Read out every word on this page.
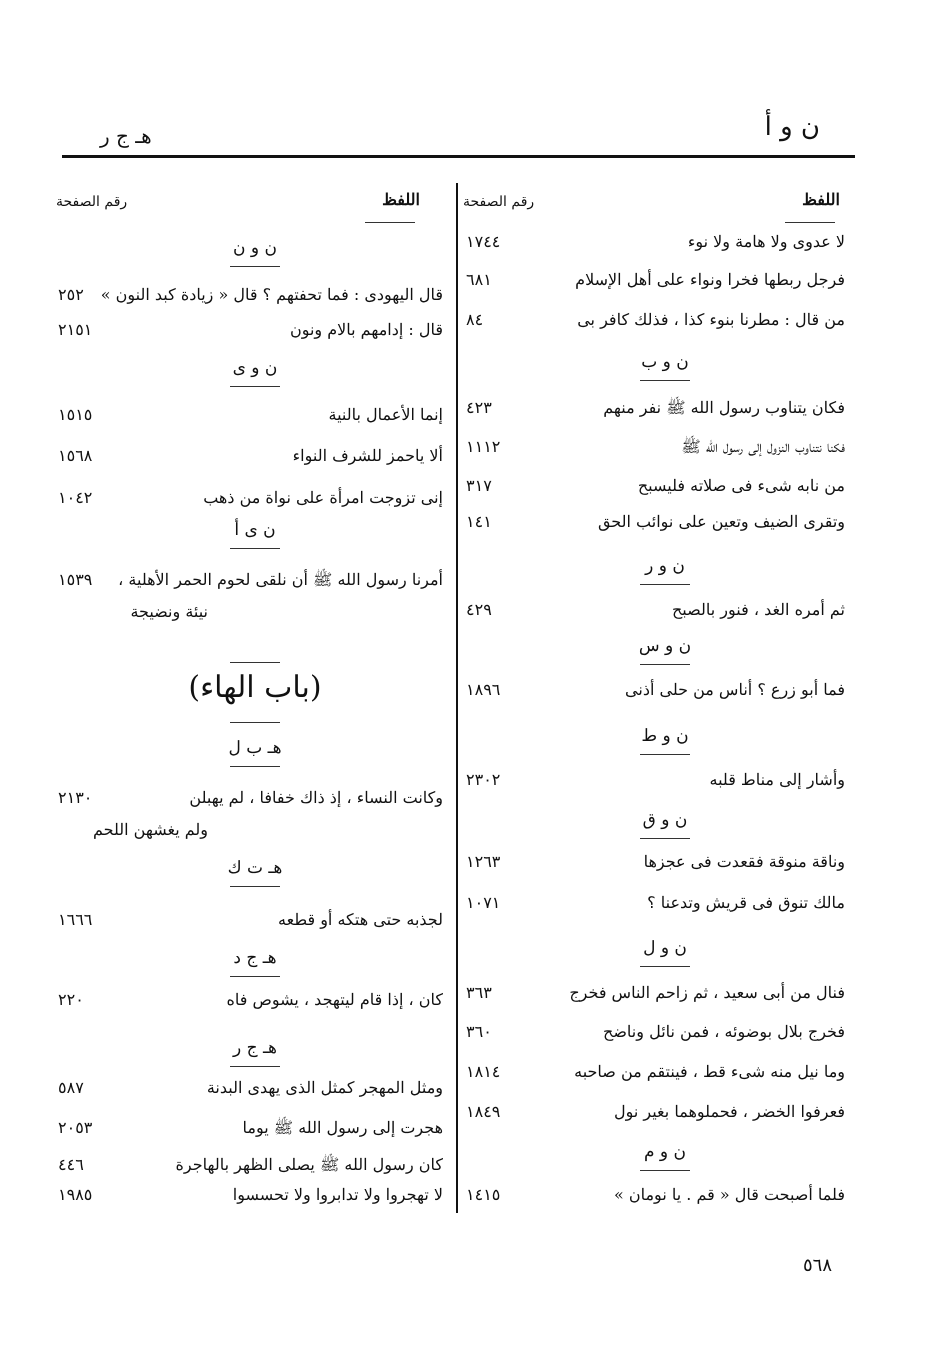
ن و أ
هـ ج ر
اللفظ
رقم الصفحة
اللفظ
رقم الصفحة
لا عدوى ولا هامة ولا نوء
١٧٤٤
فرجل ربطها فخرا ونواء على أهل الإسلام
٦٨١
من قال : مطرنا بنوء كذا ، فذلك كافر بى
٨٤
ن و ب
فكان يتناوب رسول الله ﷺ نفر منهم
٤٢٣
فكنا نتناوب النزول إلى رسول الله ﷺ
١١١٢
من نابه شىء فى صلاته فليسبح
٣١٧
وتقرى الضيف وتعين على نوائب الحق
١٤١
ن و ر
ثم أمره الغد ، فنور بالصبح
٤٢٩
ن و س
فما أبو زرع ؟ أناس من حلى أذنى
١٨٩٦
ن و ط
وأشار إلى مناط قلبه
٢٣٠٢
ن و ق
وناقة منوقة فقعدت فى عجزها
١٢٦٣
مالك تنوق فى قريش وتدعنا ؟
١٠٧١
ن و ل
فنال من أبى سعيد ، ثم زاحم الناس فخرج
٣٦٣
فخرج بلال بوضوئه ، فمن نائل وناضح
٣٦٠
وما نيل منه شىء قط ، فينتقم من صاحبه
١٨١٤
فعرفوا الخضر ، فحملوهما بغير نول
١٨٤٩
ن و م
فلما أصبحت قال « قم . يا نومان »
١٤١٥
ن و ن
قال اليهودى : فما تحفتهم ؟ قال « زيادة كبد النون »
٢٥٢
قال : إدامهم بالام ونون
٢١٥١
ن و ى
إنما الأعمال بالنية
١٥١٥
ألا ياحمز للشرف النواء
١٥٦٨
إنى تزوجت امرأة على نواة من ذهب
١٠٤٢
ن ى أ
أمرنا رسول الله ﷺ أن نلقى لحوم الحمر الأهلية ،
١٥٣٩
نيئة ونضيجة
(باب الهاء)
هـ ب ل
وكانت النساء ، إذ ذاك خفافا ، لم يهبلن
٢١٣٠
ولم يغشهن اللحم
هـ ت ك
لجذبه حتى هتكه أو قطعه
١٦٦٦
هـ ج د
كان ، إذا قام ليتهجد ، يشوص فاه
٢٢٠
هـ ج ر
ومثل المهجر كمثل الذى يهدى البدنة
٥٨٧
هجرت إلى رسول الله ﷺ يوما
٢٠٥٣
كان رسول الله ﷺ يصلى الظهر بالهاجرة
٤٤٦
لا تهجروا ولا تدابروا ولا تحسسوا
١٩٨٥
٥٦٨
